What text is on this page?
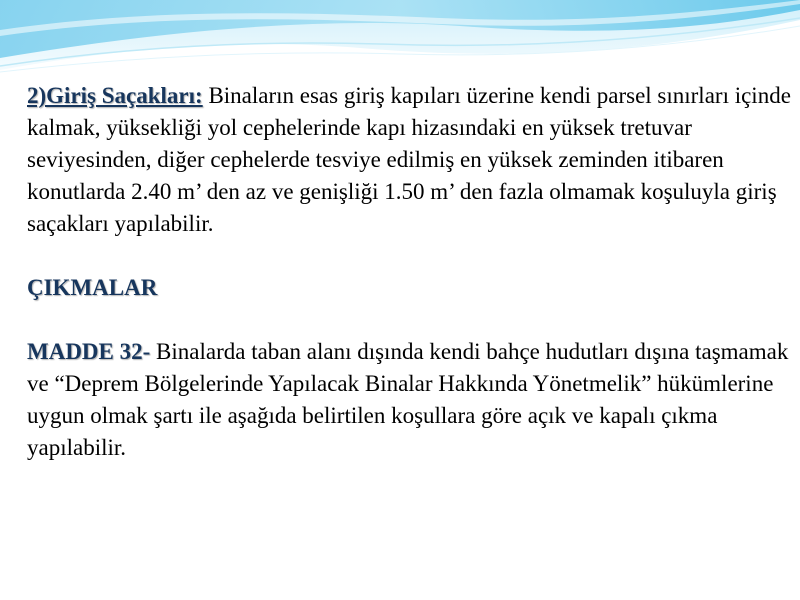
2)Giriş Saçakları: Binaların esas giriş kapıları üzerine kendi parsel sınırları içinde kalmak, yüksekliği yol cephelerinde kapı hizasındaki en yüksek tretuvar seviyesinden, diğer cephelerde tesviye edilmiş en yüksek zeminden itibaren konutlarda 2.40 m’ den az ve genişliği 1.50 m’ den fazla olmamak koşuluyla giriş saçakları yapılabilir.

ÇIKMALAR

MADDE 32- Binalarda taban alanı dışında kendi bahçe hudutları dışına taşmamak ve “Deprem Bölgelerinde Yapılacak Binalar Hakkında Yönetmelik” hükümlerine uygun olmak şartı ile aşağıda belirtilen koşullara göre açık ve kapalı çıkma yapılabilir.
